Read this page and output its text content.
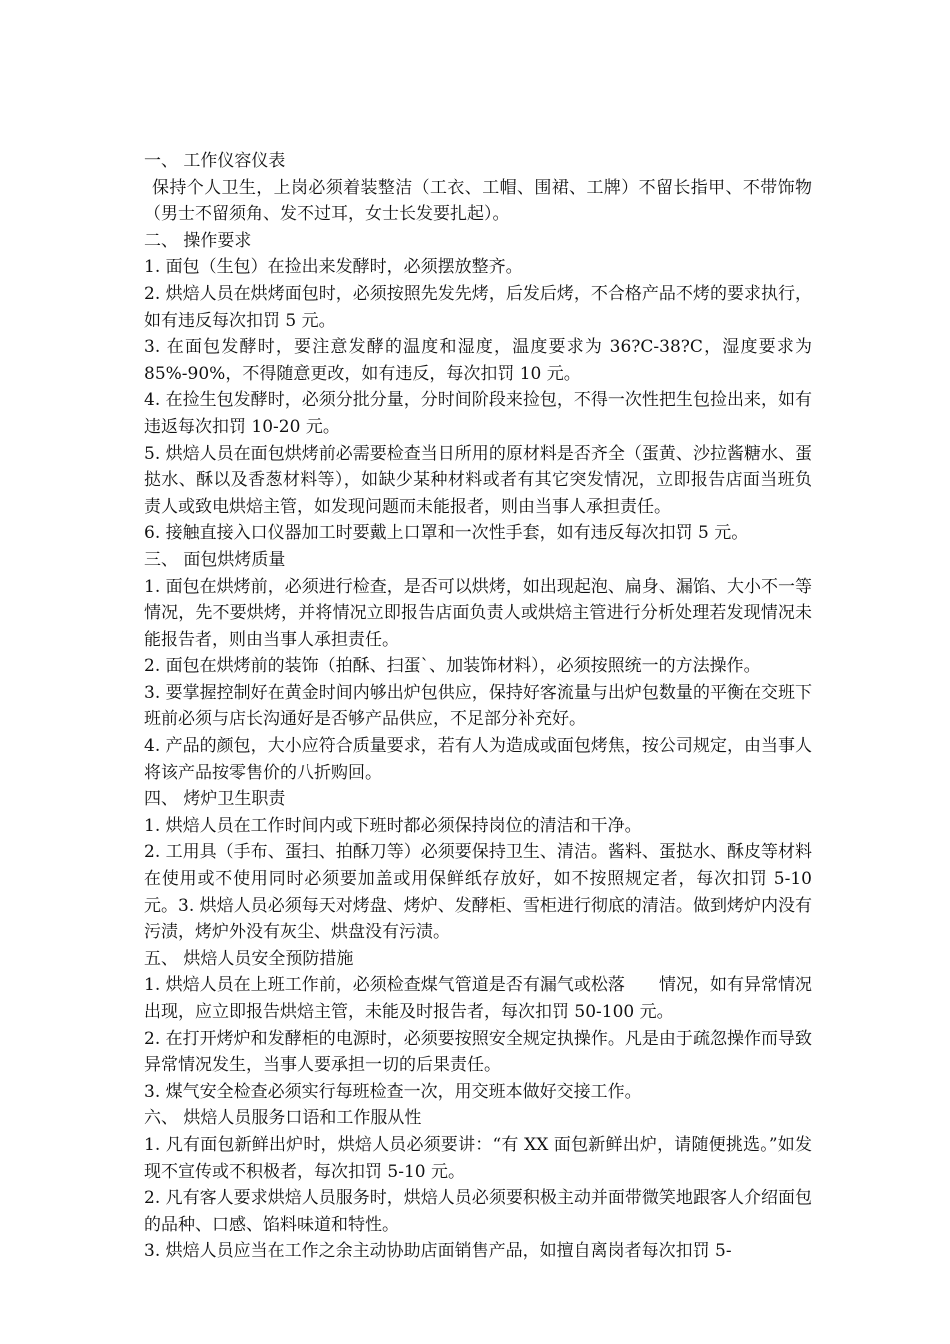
一、 工作仪容仪表

保持个人卫生，上岗必须着装整洁（工衣、工帽、围裙、工牌）不留长指甲、不带饰物（男士不留须角、发不过耳，女士长发要扎起）。

二、 操作要求

1. 面包（生包）在捡出来发酵时，必须摆放整齐。

2. 烘焙人员在烘烤面包时，必须按照先发先烤，后发后烤，不合格产品不烤的要求执行，如有违反每次扣罚 5 元。

3. 在面包发酵时，要注意发酵的温度和湿度，温度要求为 36?C-38?C，湿度要求为 85%-90%，不得随意更改，如有违反，每次扣罚 10 元。

4. 在捡生包发酵时，必须分批分量，分时间阶段来捡包，不得一次性把生包捡出来，如有违返每次扣罚 10-20 元。

5. 烘焙人员在面包烘烤前必需要检查当日所用的原材料是否齐全（蛋黄、沙拉酱糖水、蛋挞水、酥以及香葱材料等），如缺少某种材料或者有其它突发情况，立即报告店面当班负责人或致电烘焙主管，如发现问题而未能报者，则由当事人承担责任。

6. 接触直接入口仪器加工时要戴上口罩和一次性手套，如有违反每次扣罚 5 元。

三、 面包烘烤质量

1. 面包在烘烤前，必须进行检查，是否可以烘烤，如出现起泡、扁身、漏馅、大小不一等情况，先不要烘烤，并将情况立即报告店面负责人或烘焙主管进行分析处理若发现情况未能报告者，则由当事人承担责任。

2. 面包在烘烤前的装饰（拍酥、扫蛋`、加装饰材料），必须按照统一的方法操作。

3. 要掌握控制好在黄金时间内够出炉包供应，保持好客流量与出炉包数量的平衡在交班下班前必须与店长沟通好是否够产品供应，不足部分补充好。

4. 产品的颜包，大小应符合质量要求，若有人为造成或面包烤焦，按公司规定，由当事人将该产品按零售价的八折购回。

四、 烤炉卫生职责

1. 烘焙人员在工作时间内或下班时都必须保持岗位的清洁和干净。

2. 工用具（手布、蛋扫、拍酥刀等）必须要保持卫生、清洁。酱料、蛋挞水、酥皮等材料在使用或不使用同时必须要加盖或用保鲜纸存放好，如不按照规定者，每次扣罚 5-10 元。3. 烘焙人员必须每天对烤盘、烤炉、发酵柜、雪柜进行彻底的清洁。做到烤炉内没有污渍，烤炉外没有灰尘、烘盘没有污渍。

五、 烘焙人员安全预防措施

1. 烘焙人员在上班工作前，必须检查煤气管道是否有漏气或松落　　情况，如有异常情况出现，应立即报告烘焙主管，未能及时报告者，每次扣罚 50-100 元。

2. 在打开烤炉和发酵柜的电源时，必须要按照安全规定执操作。凡是由于疏忽操作而导致异常情况发生，当事人要承担一切的后果责任。

3. 煤气安全检查必须实行每班检查一次，用交班本做好交接工作。

六、 烘焙人员服务口语和工作服从性

1. 凡有面包新鲜出炉时，烘焙人员必须要讲：“有 XX 面包新鲜出炉，请随便挑选。”如发现不宣传或不积极者，每次扣罚 5-10 元。

2. 凡有客人要求烘焙人员服务时，烘焙人员必须要积极主动并面带微笑地跟客人介绍面包的品种、口感、馅料味道和特性。

3. 烘焙人员应当在工作之余主动协助店面销售产品，如擅自离岗者每次扣罚 5-
